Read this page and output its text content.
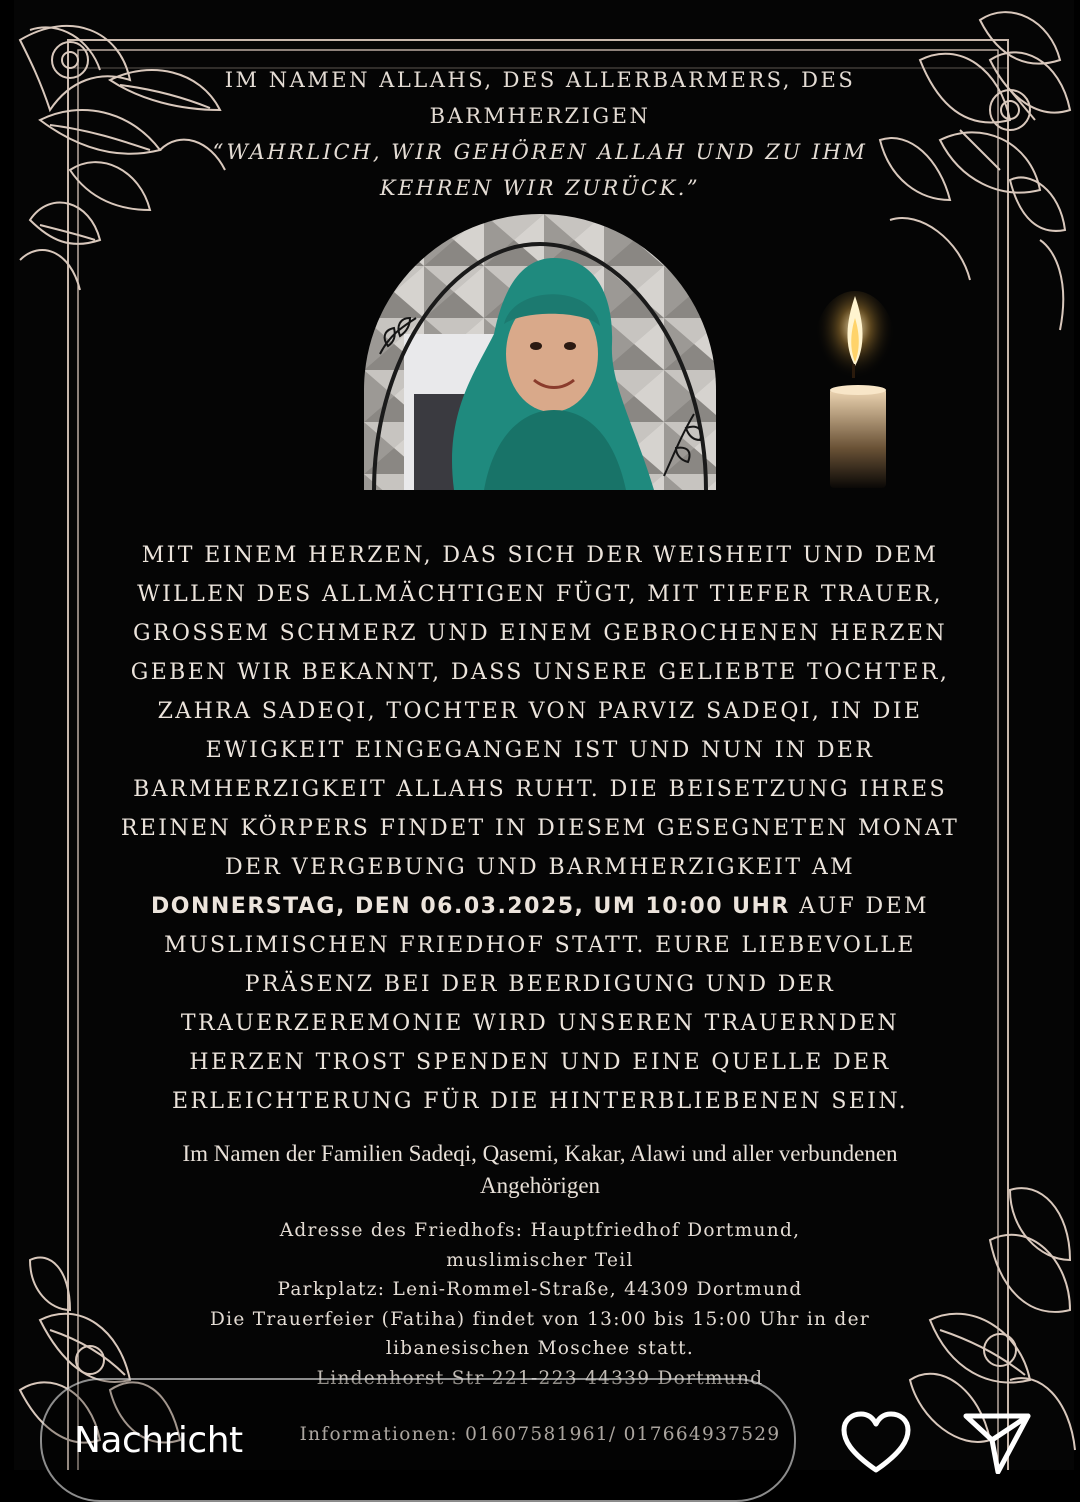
IM NAMEN ALLAHS, DES ALLERBARMERS, DES
BARMHERZIGEN
“WAHRLICH, WIR GEHÖREN ALLAH UND ZU IHM
KEHREN WIR ZURÜCK.”
MIT EINEM HERZEN, DAS SICH DER WEISHEIT UND DEM
WILLEN DES ALLMÄCHTIGEN FÜGT, MIT TIEFER TRAUER,
GROSSEM SCHMERZ UND EINEM GEBROCHENEN HERZEN
GEBEN WIR BEKANNT, DASS UNSERE GELIEBTE TOCHTER,
ZAHRA SADEQI, TOCHTER VON PARVIZ SADEQI, IN DIE
EWIGKEIT EINGEGANGEN IST UND NUN IN DER
BARMHERZIGKEIT ALLAHS RUHT. DIE BEISETZUNG IHRES
REINEN KÖRPERS FINDET IN DIESEM GESEGNETEN MONAT
DER VERGEBUNG UND BARMHERZIGKEIT AM
DONNERSTAG, DEN 06.03.2025, UM 10:00 UHR AUF DEM
MUSLIMISCHEN FRIEDHOF STATT. EURE LIEBEVOLLE
PRÄSENZ BEI DER BEERDIGUNG UND DER
TRAUERZEREMONIE WIRD UNSEREN TRAUERNDEN
HERZEN TROST SPENDEN UND EINE QUELLE DER
ERLEICHTERUNG FÜR DIE HINTERBLIEBENEN SEIN.
Im Namen der Familien Sadeqi, Qasemi, Kakar, Alawi und aller verbundenen
Angehörigen
Adresse des Friedhofs: Hauptfriedhof Dortmund,
muslimischer Teil
Parkplatz: Leni-Rommel-Straße, 44309 Dortmund
Die Trauerfeier (Fatiha) findet von 13:00 bis 15:00 Uhr in der
libanesischen Moschee statt.
Lindenhorst Str 221-223 44339 Dortmund
Informationen: 01607581961/ 017664937529
Nachricht
